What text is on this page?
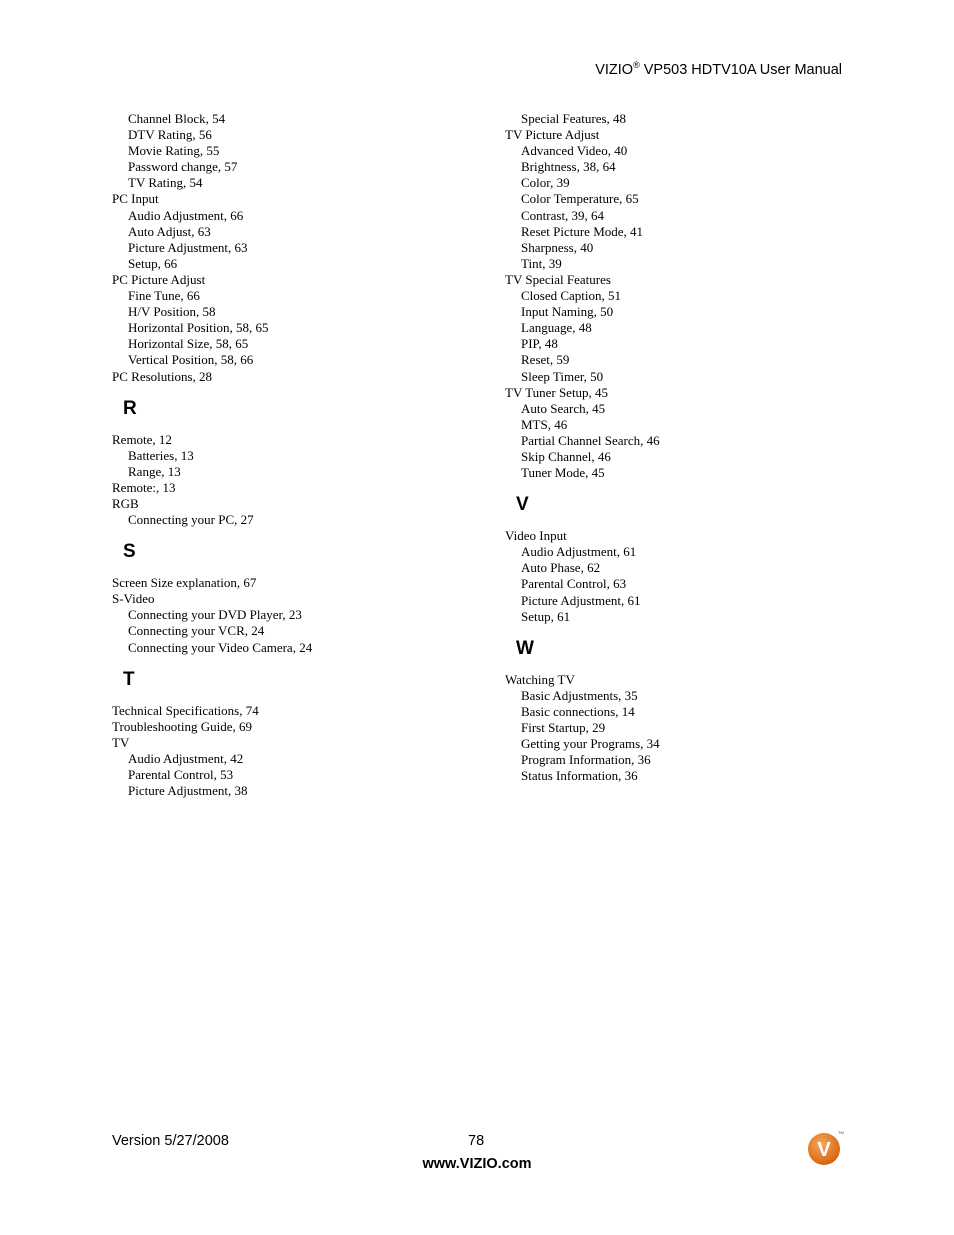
VIZIO® VP503 HDTV10A User Manual
Channel Block, 54
DTV Rating, 56
Movie Rating, 55
Password change, 57
TV Rating, 54
PC Input
Audio Adjustment, 66
Auto Adjust, 63
Picture Adjustment, 63
Setup, 66
PC Picture Adjust
Fine Tune, 66
H/V Position, 58
Horizontal Position, 58, 65
Horizontal Size, 58, 65
Vertical Position, 58, 66
PC Resolutions, 28
R
Remote, 12
Batteries, 13
Range, 13
Remote:, 13
RGB
Connecting your PC, 27
S
Screen Size explanation, 67
S-Video
Connecting your DVD Player, 23
Connecting your VCR, 24
Connecting your Video Camera, 24
T
Technical Specifications, 74
Troubleshooting Guide, 69
TV
Audio Adjustment, 42
Parental Control, 53
Picture Adjustment, 38
Special Features, 48
TV Picture Adjust
Advanced Video, 40
Brightness, 38, 64
Color, 39
Color Temperature, 65
Contrast, 39, 64
Reset Picture Mode, 41
Sharpness, 40
Tint, 39
TV Special Features
Closed Caption, 51
Input Naming, 50
Language, 48
PIP, 48
Reset, 59
Sleep Timer, 50
TV Tuner Setup, 45
Auto Search, 45
MTS, 46
Partial Channel Search, 46
Skip Channel, 46
Tuner Mode, 45
V
Video Input
Audio Adjustment, 61
Auto Phase, 62
Parental Control, 63
Picture Adjustment, 61
Setup, 61
W
Watching TV
Basic Adjustments, 35
Basic connections, 14
First Startup, 29
Getting your Programs, 34
Program Information, 36
Status Information, 36
Version 5/27/2008	78
www.VIZIO.com
V
TM
